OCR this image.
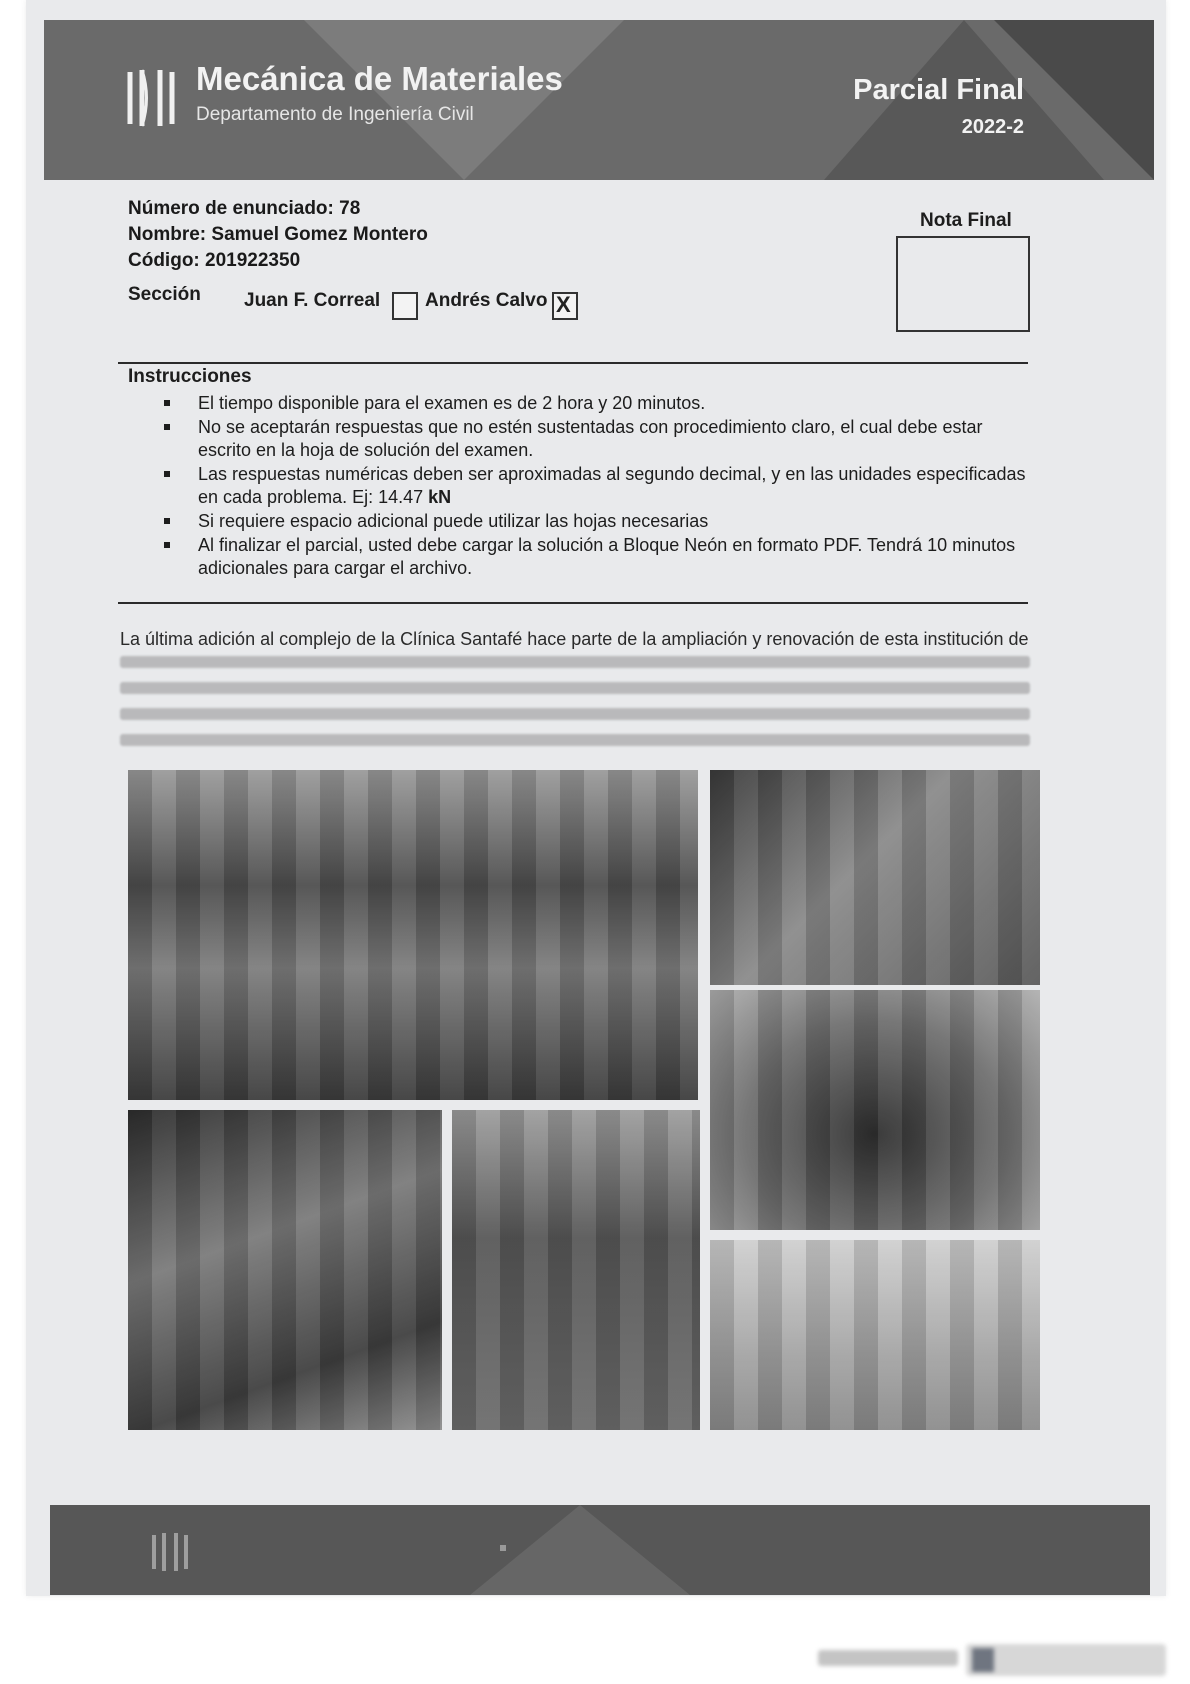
Mecánica de Materiales
Departamento de Ingeniería Civil
Parcial Final
2022-2
Número de enunciado: 78
Nombre: Samuel Gomez Montero
Código: 201922350
Nota Final
Sección Juan F. Correal Andrés Calvo X
Instrucciones
El tiempo disponible para el examen es de 2 hora y 20 minutos.
No se aceptarán respuestas que no estén sustentadas con procedimiento claro, el cual debe estar escrito en la hoja de solución del examen.
Las respuestas numéricas deben ser aproximadas al segundo decimal, y en las unidades especificadas en cada problema. Ej: 14.47 kN
Si requiere espacio adicional puede utilizar las hojas necesarias
Al finalizar el parcial, usted debe cargar la solución a Bloque Neón en formato PDF. Tendrá 10 minutos adicionales para cargar el archivo.
La última adición al complejo de la Clínica Santafé hace parte de la ampliación y renovación de esta institución de
